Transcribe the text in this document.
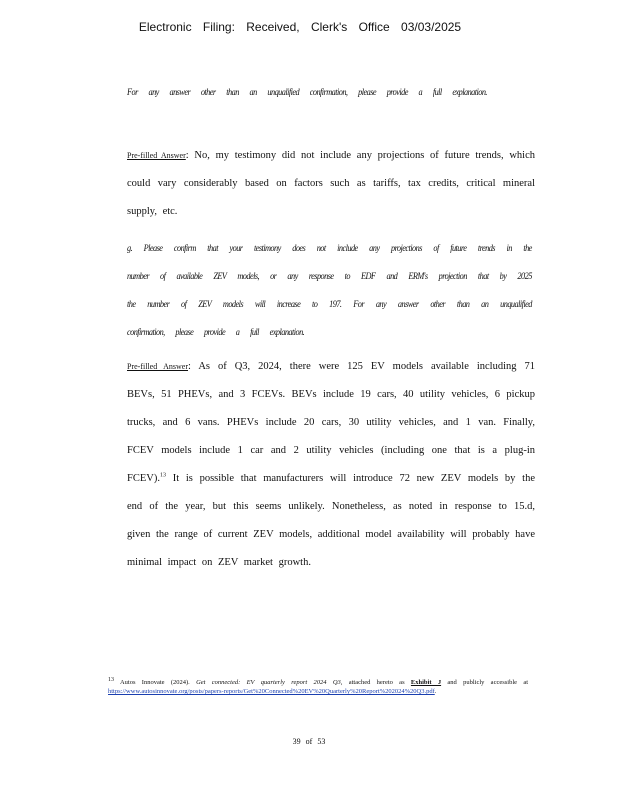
Electronic Filing: Received, Clerk's Office 03/03/2025

For any answer other than an unqualified confirmation, please provide a full explanation.

Pre-filled Answer: No, my testimony did not include any projections of future trends, which could vary considerably based on factors such as tariffs, tax credits, critical mineral supply, etc.

g. Please confirm that your testimony does not include any projections of future trends in the number of available ZEV models, or any response to EDF and ERM's projection that by 2025 the number of ZEV models will increase to 197. For any answer other than an unqualified confirmation, please provide a full explanation.

Pre-filled Answer: As of Q3, 2024, there were 125 EV models available including 71 BEVs, 51 PHEVs, and 3 FCEVs. BEVs include 19 cars, 40 utility vehicles, 6 pickup trucks, and 6 vans. PHEVs include 20 cars, 30 utility vehicles, and 1 van. Finally, FCEV models include 1 car and 2 utility vehicles (including one that is a plug-in FCEV).$^{13}$ It is possible that manufacturers will introduce 72 new ZEV models by the end of the year, but this seems unlikely. Nonetheless, as noted in response to 15.d, given the range of current ZEV models, additional model availability will probably have minimal impact on ZEV market growth.

13 Autos Innovate (2024). Get connected: EV quarterly report 2024 Q3, attached hereto as Exhibit J and publicly accessible at https://www.autosinnovate.org/posts/papers-reports/Get%20Connected%20EV%20Quarterly%20Report%202024%20Q3.pdf.
39 of 53
